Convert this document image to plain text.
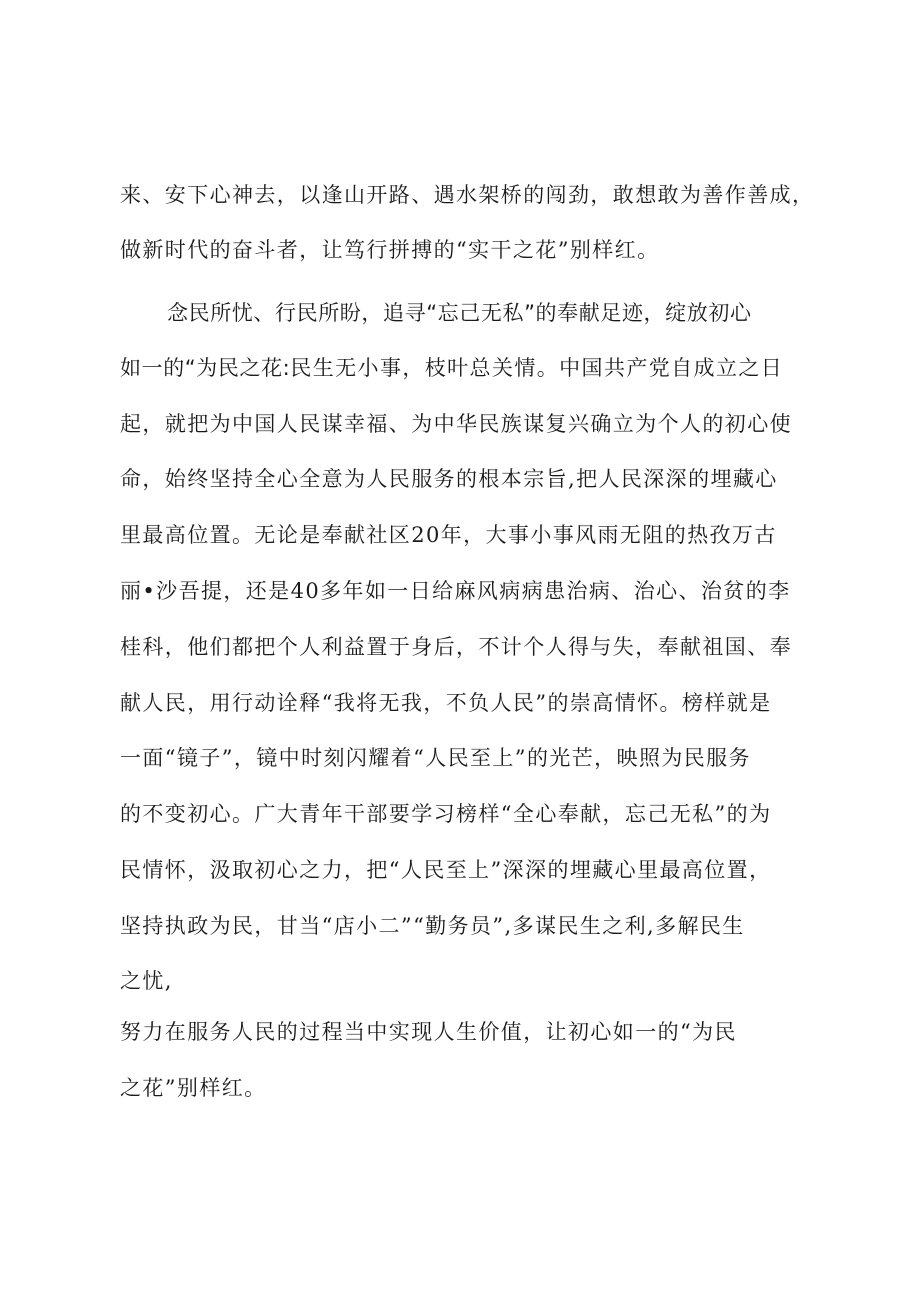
来、安下心神去，以逢山开路、遇水架桥的闯劲，敢想敢为善作善成，
做新时代的奋斗者，让笃行拼搏的“实干之花”别样红。
念民所忧、行民所盼，追寻“忘己无私”的奉献足迹，绽放初心
如一的“为民之花:民生无小事，枝叶总关情。中国共产党自成立之日
起，就把为中国人民谋幸福、为中华民族谋复兴确立为个人的初心使
命，始终坚持全心全意为人民服务的根本宗旨,把人民深深的埋藏心
里最高位置。无论是奉献社区20年，大事小事风雨无阻的热孜万古
丽•沙吾提，还是40多年如一日给麻风病病患治病、治心、治贫的李
桂科，他们都把个人利益置于身后，不计个人得与失，奉献祖国、奉
献人民，用行动诠释“我将无我，不负人民”的崇高情怀。榜样就是
一面“镜子”，镜中时刻闪耀着“人民至上”的光芒，映照为民服务
的不变初心。广大青年干部要学习榜样“全心奉献，忘己无私”的为
民情怀，汲取初心之力，把“人民至上”深深的埋藏心里最高位置，
坚持执政为民，甘当“店小二”“勤务员”,多谋民生之利,多解民生
之忧,
努力在服务人民的过程当中实现人生价值，让初心如一的“为民
之花”别样红。
